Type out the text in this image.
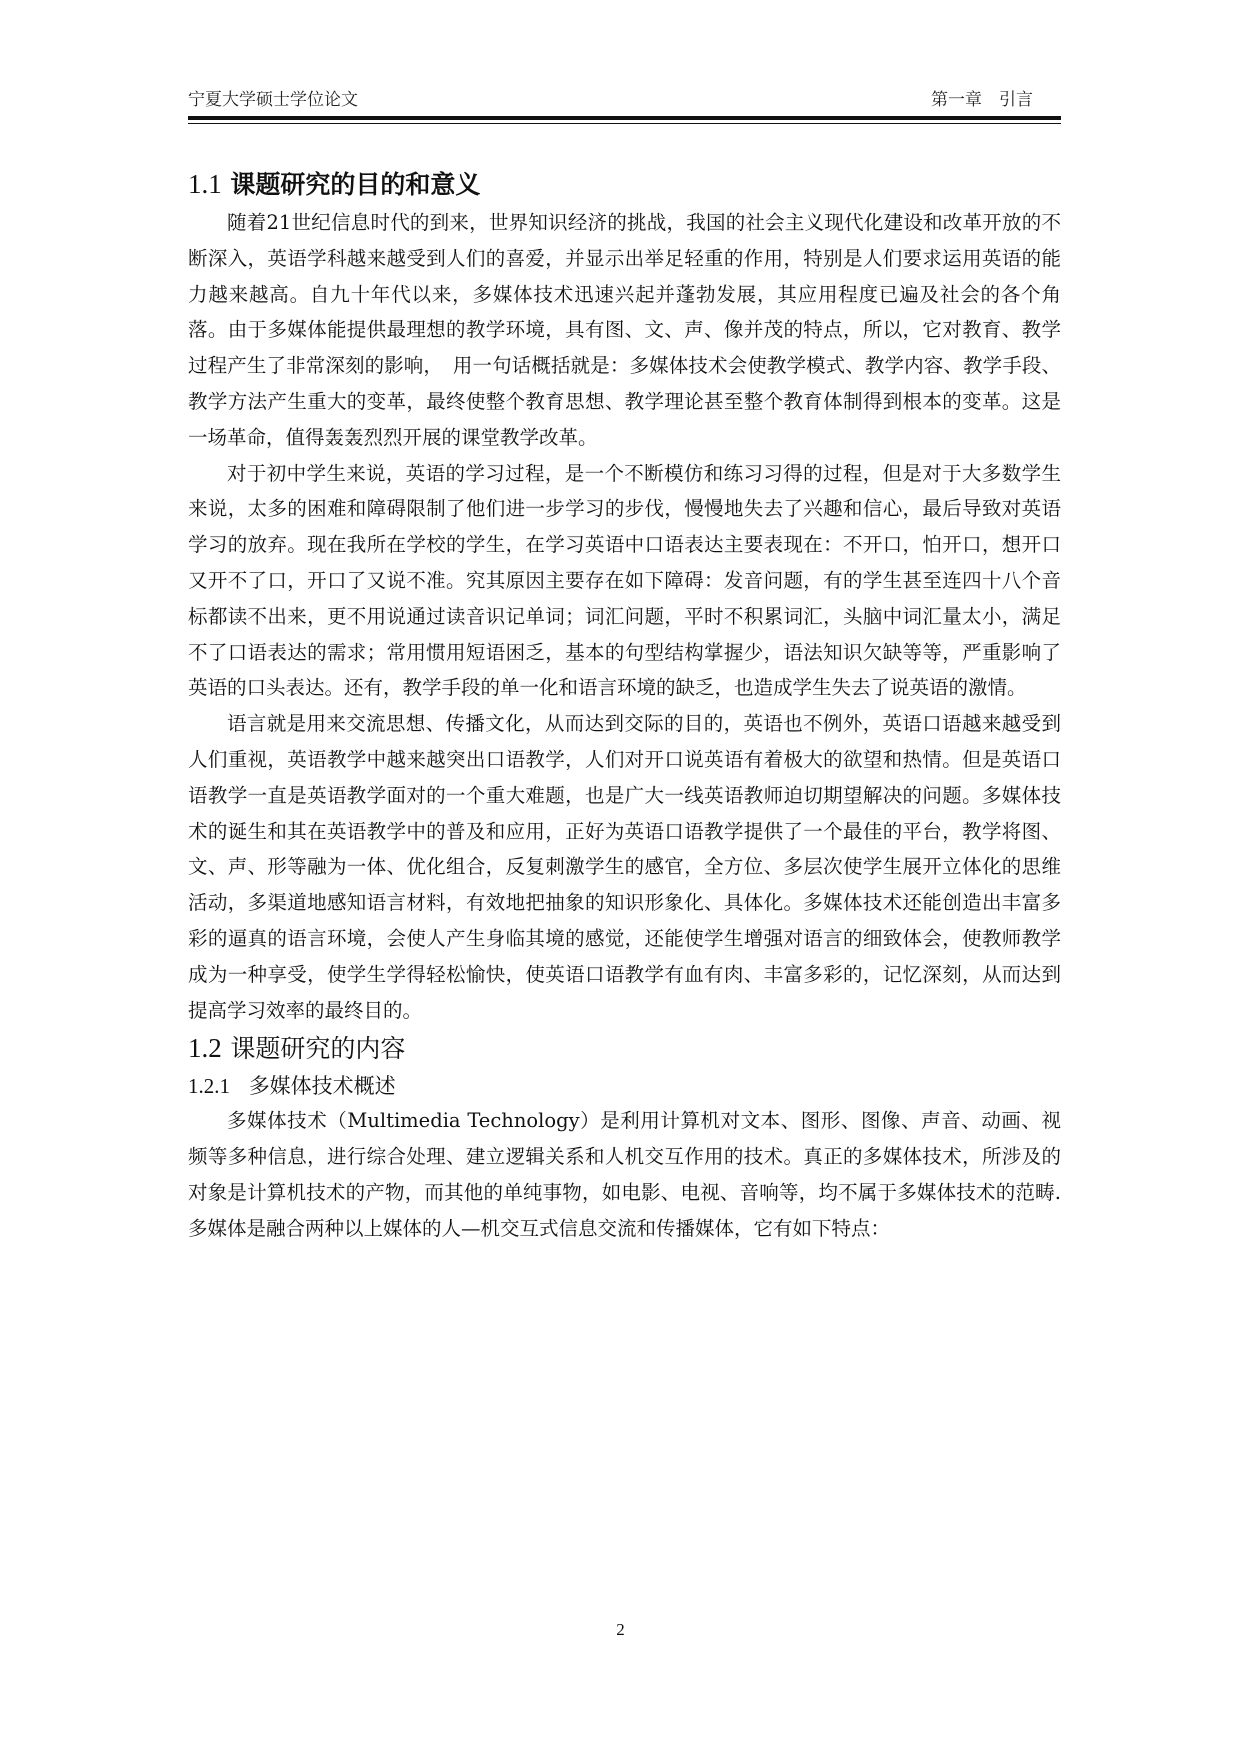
宁夏大学硕士学位论文	第一章　引言
1.1 课题研究的目的和意义

随着21世纪信息时代的到来，世界知识经济的挑战，我国的社会主义现代化建设和改革开放的不断深入，英语学科越来越受到人们的喜爱，并显示出举足轻重的作用，特别是人们要求运用英语的能力越来越高。自九十年代以来，多媒体技术迅速兴起并蓬勃发展，其应用程度已遍及社会的各个角落。由于多媒体能提供最理想的教学环境，具有图、文、声、像并茂的特点，所以，它对教育、教学过程产生了非常深刻的影响，　用一句话概括就是：多媒体技术会使教学模式、教学内容、教学手段、教学方法产生重大的变革，最终使整个教育思想、教学理论甚至整个教育体制得到根本的变革。这是一场革命，值得轰轰烈烈开展的课堂教学改革。

对于初中学生来说，英语的学习过程，是一个不断模仿和练习习得的过程，但是对于大多数学生来说，太多的困难和障碍限制了他们进一步学习的步伐，慢慢地失去了兴趣和信心，最后导致对英语学习的放弃。现在我所在学校的学生，在学习英语中口语表达主要表现在：不开口，怕开口，想开口又开不了口，开口了又说不准。究其原因主要存在如下障碍：发音问题，有的学生甚至连四十八个音标都读不出来，更不用说通过读音识记单词；词汇问题，平时不积累词汇，头脑中词汇量太小，满足不了口语表达的需求；常用惯用短语困乏，基本的句型结构掌握少，语法知识欠缺等等，严重影响了英语的口头表达。还有，教学手段的单一化和语言环境的缺乏，也造成学生失去了说英语的激情。

语言就是用来交流思想、传播文化，从而达到交际的目的，英语也不例外，英语口语越来越受到人们重视，英语教学中越来越突出口语教学，人们对开口说英语有着极大的欲望和热情。但是英语口语教学一直是英语教学面对的一个重大难题，也是广大一线英语教师迫切期望解决的问题。多媒体技术的诞生和其在英语教学中的普及和应用，正好为英语口语教学提供了一个最佳的平台，教学将图、文、声、形等融为一体、优化组合，反复刺激学生的感官，全方位、多层次使学生展开立体化的思维活动，多渠道地感知语言材料，有效地把抽象的知识形象化、具体化。多媒体技术还能创造出丰富多彩的逼真的语言环境，会使人产生身临其境的感觉，还能使学生增强对语言的细致体会，使教师教学成为一种享受，使学生学得轻松愉快，使英语口语教学有血有肉、丰富多彩的，记忆深刻，从而达到提高学习效率的最终目的。

1.2 课题研究的内容
1.2.1 多媒体技术概述

多媒体技术（Multimedia Technology）是利用计算机对文本、图形、图像、声音、动画、视频等多种信息，进行综合处理、建立逻辑关系和人机交互作用的技术。真正的多媒体技术，所涉及的对象是计算机技术的产物，而其他的单纯事物，如电影、电视、音响等，均不属于多媒体技术的范畴. 多媒体是融合两种以上媒体的人—机交互式信息交流和传播媒体，它有如下特点：

2
